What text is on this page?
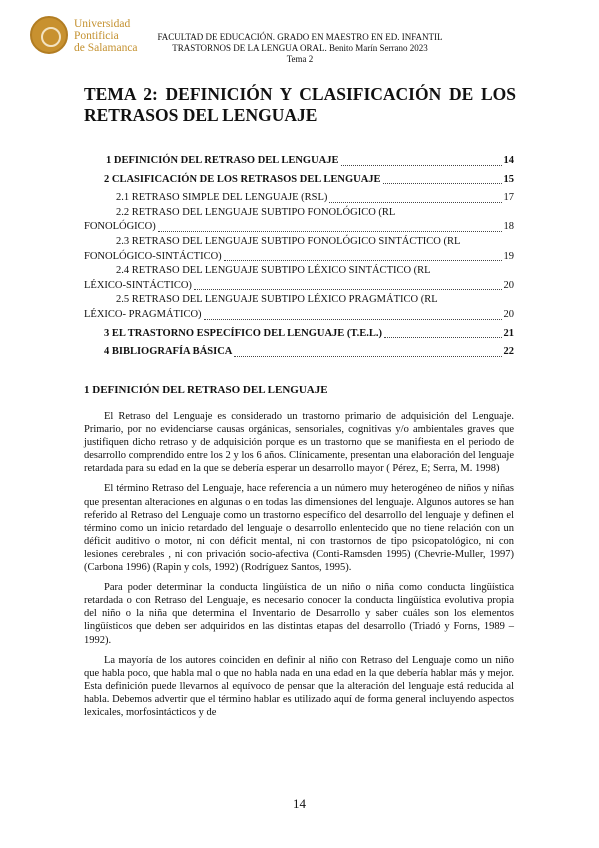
Universidad
Pontificia
de Salamanca
FACULTAD DE EDUCACIÓN. GRADO EN MAESTRO EN ED. INFANTIL
TRASTORNOS DE LA LENGUA ORAL. Benito Marín Serrano 2023
Tema 2
TEMA 2: DEFINICIÓN Y CLASIFICACIÓN DE LOS RETRASOS DEL LENGUAJE
1 DEFINICIÓN DEL RETRASO DEL LENGUAJE	14
2 CLASIFICACIÓN DE LOS RETRASOS DEL LENGUAJE	15
2.1 RETRASO SIMPLE DEL LENGUAJE (RSL)	17
2.2 RETRASO DEL LENGUAJE SUBTIPO FONOLÓGICO (RL
FONOLÓGICO)	18
2.3 RETRASO DEL LENGUAJE SUBTIPO FONOLÓGICO SINTÁCTICO (RL
FONOLÓGICO-SINTÁCTICO)	19
2.4 RETRASO DEL LENGUAJE SUBTIPO LÉXICO SINTÁCTICO (RL
LÉXICO-SINTÁCTICO)	20
2.5 RETRASO DEL LENGUAJE SUBTIPO LÉXICO PRAGMÁTICO (RL
LÉXICO- PRAGMÁTICO)	20
3 EL TRASTORNO ESPECÍFICO DEL LENGUAJE (T.E.L.)	21
4 BIBLIOGRAFÍA BÁSICA	22
1 DEFINICIÓN DEL RETRASO DEL LENGUAJE

El Retraso del Lenguaje es considerado un trastorno primario de adquisición del Lenguaje. Primario, por no evidenciarse causas orgánicas, sensoriales, cognitivas y/o ambientales graves que justifiquen dicho retraso y de adquisición porque es un trastorno que se manifiesta en el periodo de desarrollo comprendido entre los 2 y los 6 años. Clínicamente, presentan una elaboración del lenguaje retardada para su edad en la que se debería esperar un desarrollo mayor ( Pérez, E; Serra, M. 1998)

El término Retraso del Lenguaje, hace referencia a un número muy heterogéneo de niños y niñas que presentan alteraciones en algunas o en todas las dimensiones del lenguaje. Algunos autores se han referido al Retraso del Lenguaje como un trastorno específico del desarrollo del lenguaje y definen el término como un inicio retardado del lenguaje o desarrollo enlentecido que no tiene relación con un déficit auditivo o motor, ni con déficit mental, ni con trastornos de tipo psicopatológico, ni con lesiones cerebrales , ni con privación socio-afectiva (Conti-Ramsden 1995) (Chevrie-Muller, 1997) (Carbona 1996) (Rapin y cols, 1992) (Rodríguez Santos, 1995).

Para poder determinar la conducta lingüística de un niño o niña como conducta lingüística retardada o con Retraso del Lenguaje, es necesario conocer la conducta lingüística evolutiva propia del niño o la niña que determina el Inventario de Desarrollo y saber cuáles son los elementos lingüísticos que deben ser adquiridos en las distintas etapas del desarrollo (Triadó y Forns, 1989 –1992).

La mayoría de los autores coinciden en definir al niño con Retraso del Lenguaje como un niño que habla poco, que habla mal o que no habla nada en una edad en la que debería hablar más y mejor. Esta definición puede llevarnos al equívoco de pensar que la alteración del lenguaje está reducida al habla. Debemos advertir que el término hablar es utilizado aquí de forma general incluyendo aspectos lexicales, morfosintácticos y de

14
